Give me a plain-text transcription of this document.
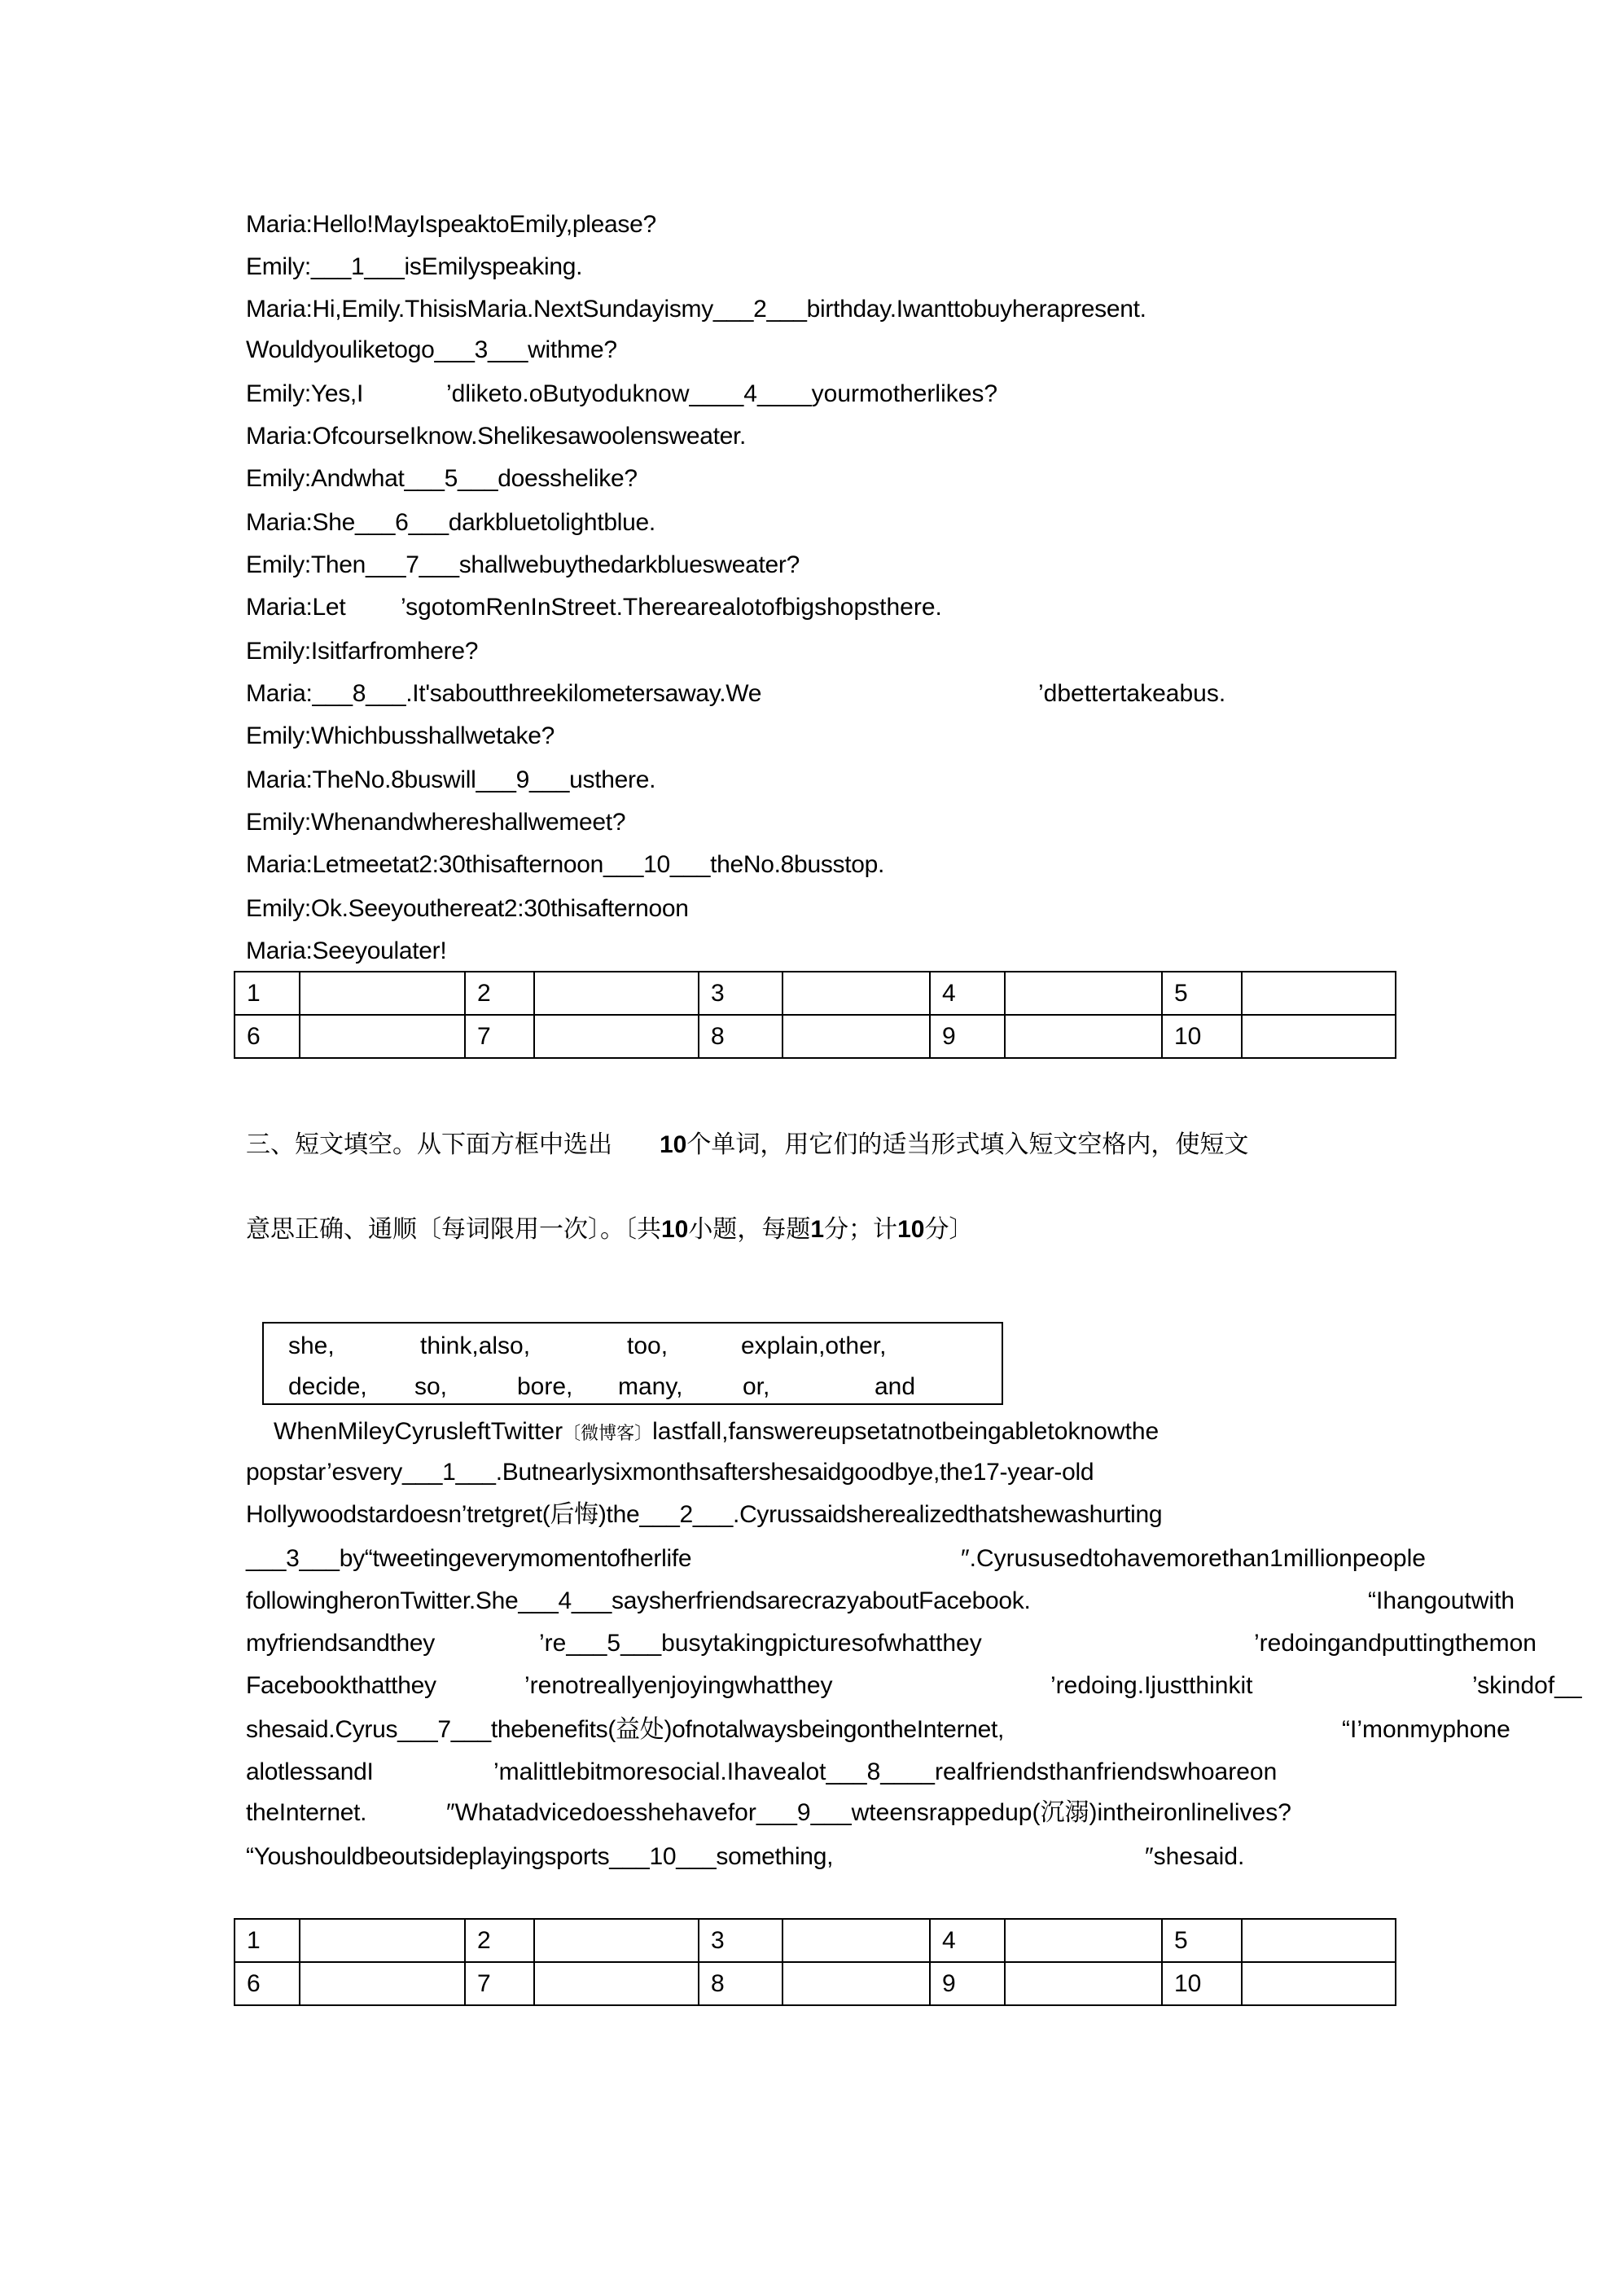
Maria:Hello!MayIspeaktoEmily,please?
Emily:___1___isEmilyspeaking.
Maria:Hi,Emily.ThisisMaria.NextSundayismy___2___birthday.Iwanttobuyherapresent.
Wouldyouliketogo___3___withme?
Emily:Yes,I	’dliketo.oButyoduknow____4____yourmotherlikes?
Maria:OfcourseIknow.Shelikesawoolensweater.
Emily:Andwhat___5___doesshelike?
Maria:She___6___darkbluetolightblue.
Emily:Then___7___shallwebuythedarkbluesweater?
Maria:Let ’sgotomRenInStreet.Therearealotofbigshopsthere.
Emily:Isitfarfromhere?
Maria:___8___.It'saboutthreekilometersaway.We	’dbettertakeabus.
Emily:Whichbusshallwetake?
Maria:TheNo.8buswill___9___usthere.
Emily:Whenandwhereshallwemeet?
Maria:Letmeetat2:30thisafternoon___10___theNo.8busstop.
Emily:Ok.Seeyouthereat2:30thisafternoon
Maria:Seeyoulater!
1		2		3		4		5	
6		7		8		9		10	
三、短文填空。从下面方框中选出 10个单词，用它们的适当形式填入短文空格内，使短文
意思正确、通顺〔每词限用一次〕。〔共10小题，每题1分；计10分〕
she,	think,also,	too,	explain,other,
decide, so,	bore, many, or,	and
WhenMileyCyrusleftTwitter〔微博客〕lastfall,fanswereupsetatnotbeingabletoknowthe
popstar’esvery___1___.Butnearlysixmonthsaftershesaidgoodbye,the17-year-old
Hollywoodstardoesn’tretgret(后悔)the___2___.Cyrussaidsherealizedthatshewashurting
___3___by“tweetingeverymomentofherlife	″.Cyrususedtohavemorethan1millionpeople
followingheronTwitter.She___4___saysherfriendsarecrazyaboutFacebook.	“Ihangoutwith
myfriendsandthey	’re___5___busytakingpicturesofwhatthey	’redoingandputtingthemon
Facebookthatthey	’renotreallyenjoyingwhatthey	’redoing.Ijustthinkit	’skindof__
shesaid.Cyrus___7___thebenefits(益处)ofnotalwaysbeingontheInternet,	“I’monmyphone
alotlessandI	’malittlebitmoresocial.Ihavealot___8____realfriendsthanfriendswhoareon
theInternet.	″Whatadvicedoesshehavefor___9___wteensrappedup(沉溺)intheironlinelives?
“Youshouldbeoutsideplayingsports___10___something,	″shesaid.
1		2		3		4		5	
6		7		8		9		10	
